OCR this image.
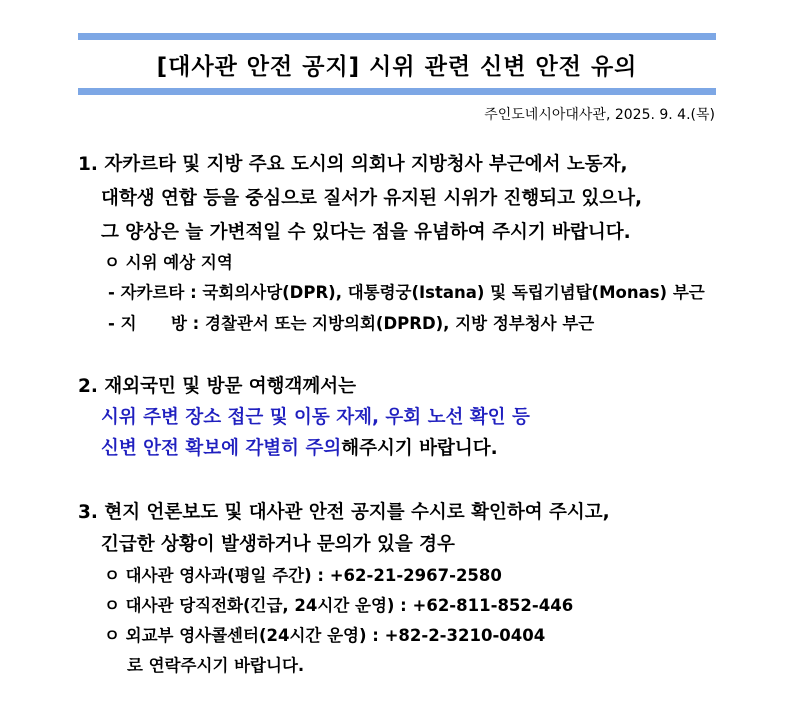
[대사관 안전 공지] 시위 관련 신변 안전 유의
주인도네시아대사관, 2025. 9. 4.(목)
1. 자카르타 및 지방 주요 도시의 의회나 지방청사 부근에서 노동자,
대학생 연합 등을 중심으로 질서가 유지된 시위가 진행되고 있으나,
그 양상은 늘 가변적일 수 있다는 점을 유념하여 주시기 바랍니다.
ㅇ 시위 예상 지역
- 자카르타 : 국회의사당(DPR), 대통령궁(Istana) 및 독립기념탑(Monas) 부근
- 지      방 : 경찰관서 또는 지방의회(DPRD), 지방 정부청사 부근
2. 재외국민 및 방문 여행객께서는
시위 주변 장소 접근 및 이동 자제, 우회 노선 확인 등
신변 안전 확보에 각별히 주의해주시기 바랍니다.
3. 현지 언론보도 및 대사관 안전 공지를 수시로 확인하여 주시고,
긴급한 상황이 발생하거나 문의가 있을 경우
ㅇ 대사관 영사과(평일 주간) : +62-21-2967-2580
ㅇ 대사관 당직전화(긴급, 24시간 운영) : +62-811-852-446
ㅇ 외교부 영사콜센터(24시간 운영) : +82-2-3210-0404
로 연락주시기 바랍니다.
